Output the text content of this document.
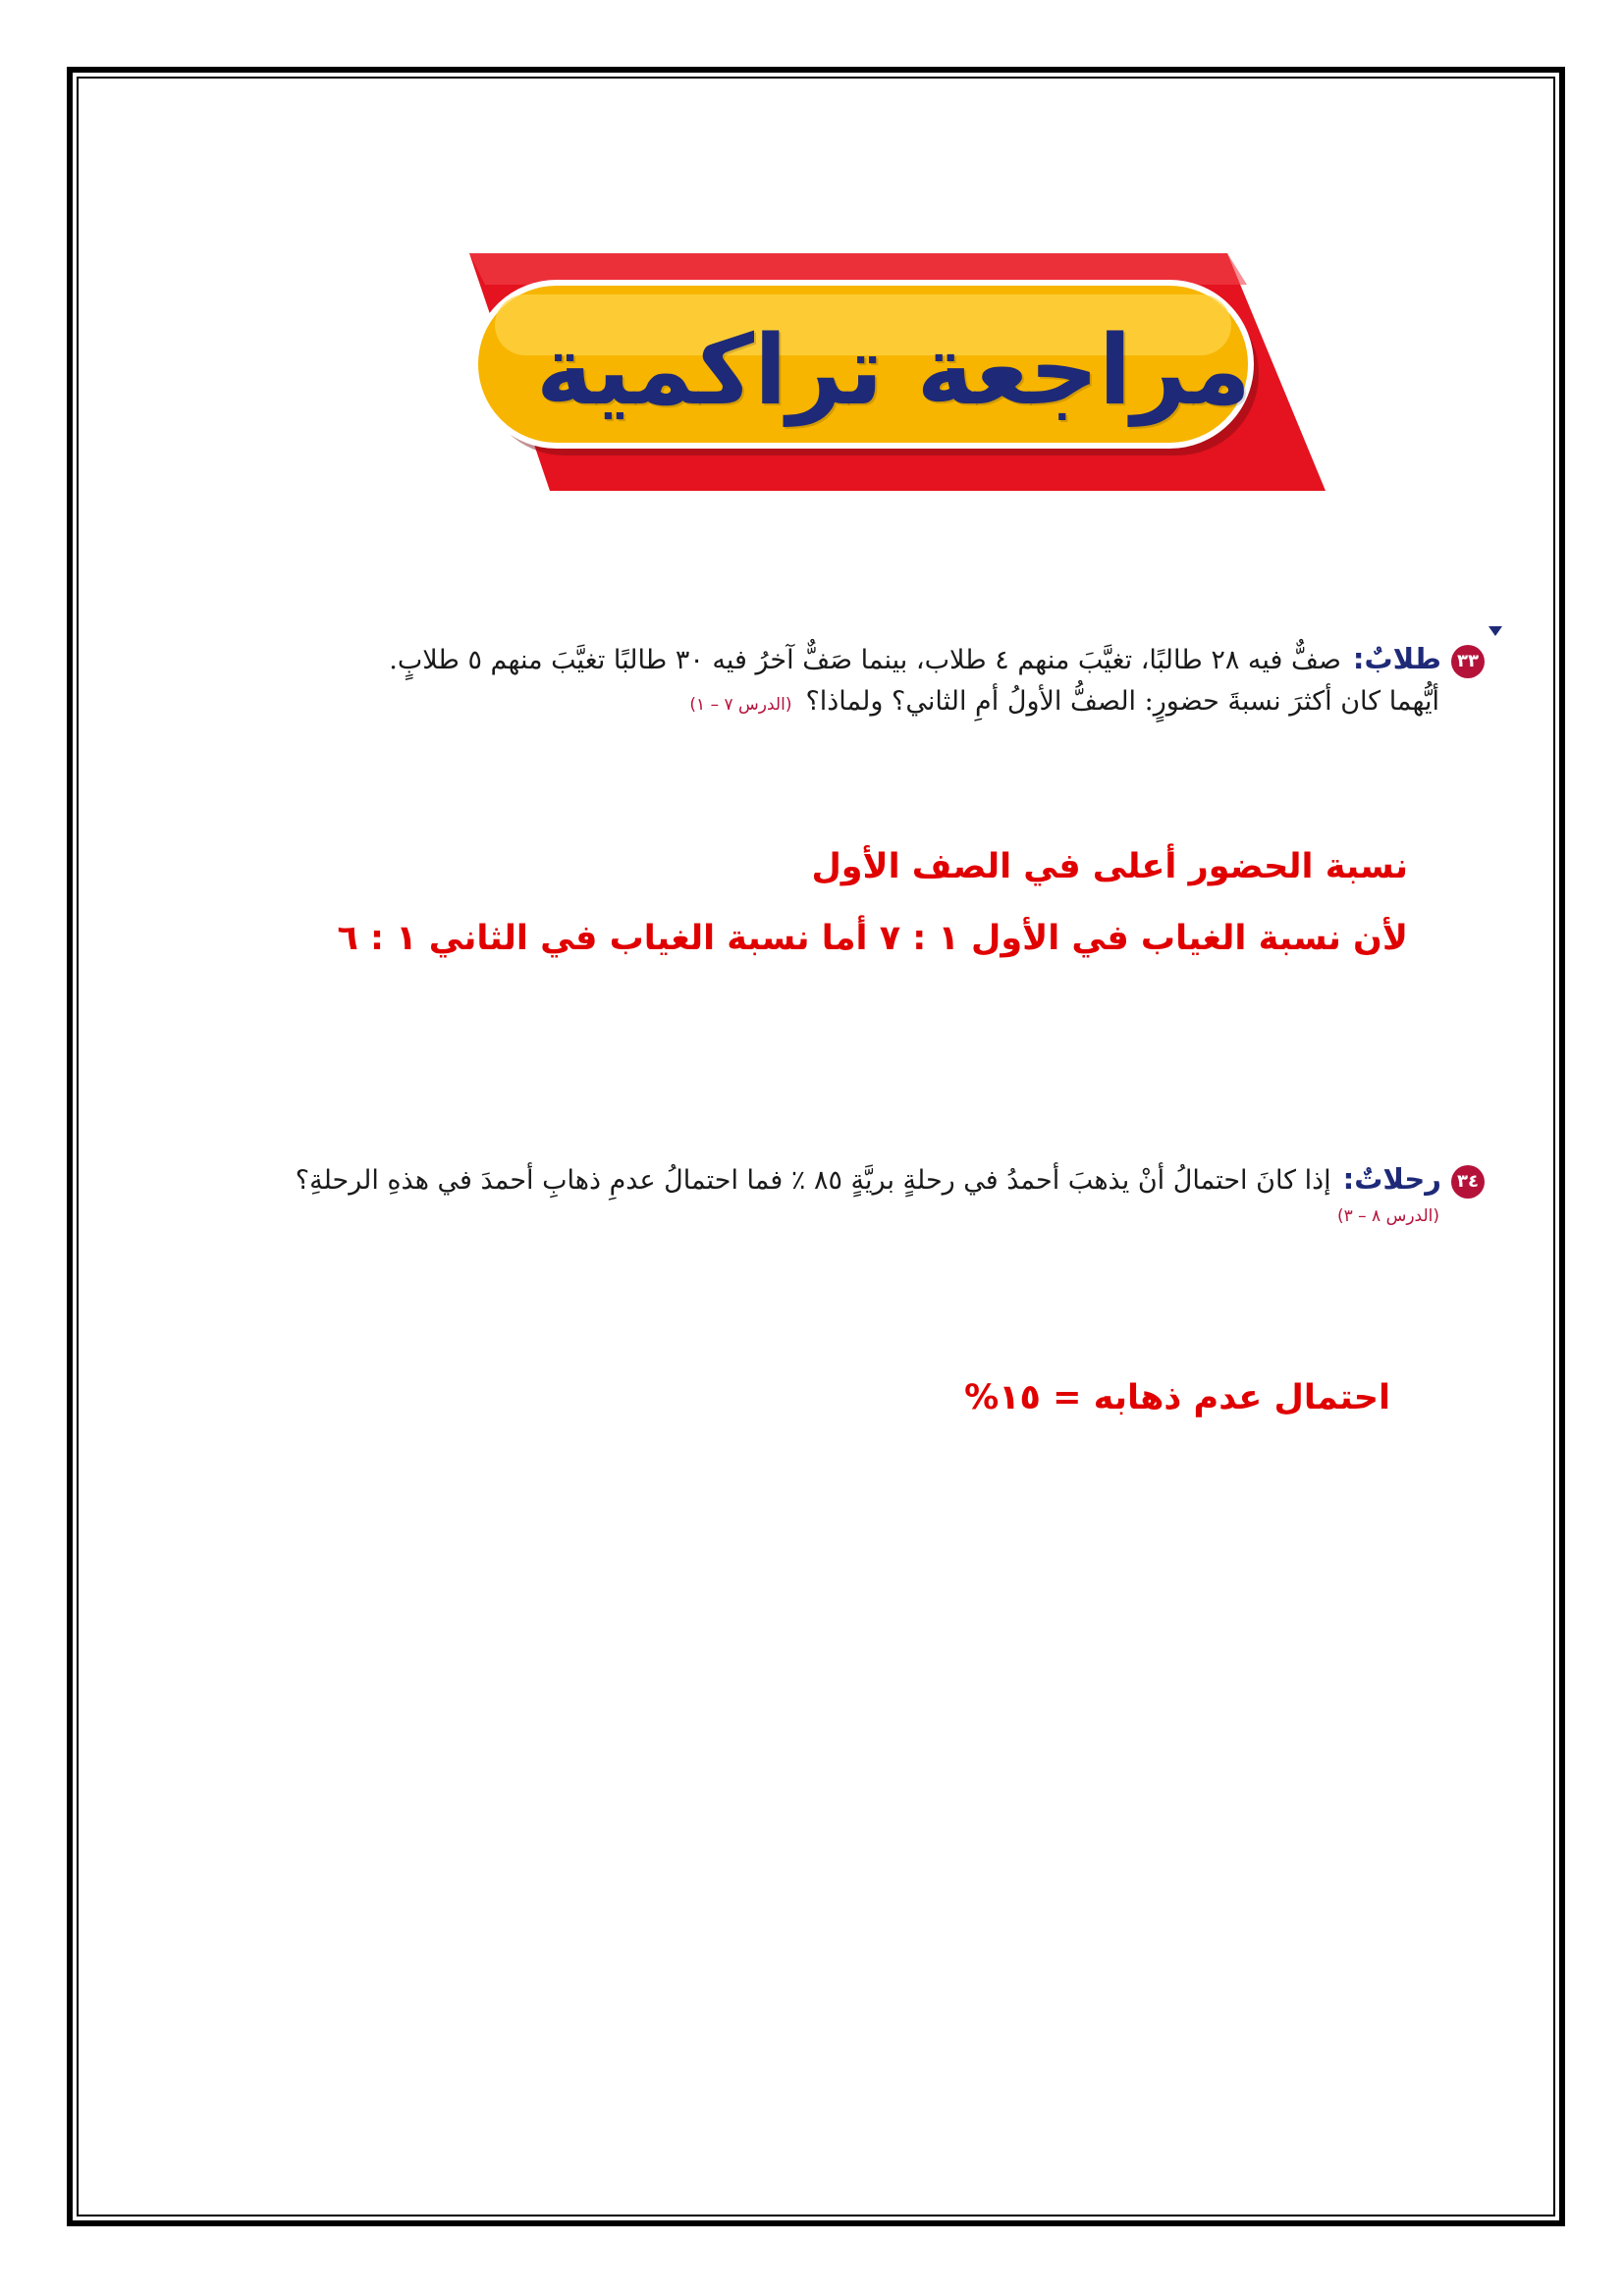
مراجعة تراكمية
٣٣طلابٌ:صفٌّ فيه ٢٨ طالبًا، تغيَّبَ منهم ٤ طلاب، بينما صَفٌّ آخرُ فيه ٣٠ طالبًا تغيَّبَ منهم ٥ طلابٍ.
أيُّهما كان أكثرَ نسبةَ حضورٍ: الصفُّ الأولُ أمِ الثاني؟ ولماذا؟(الدرس ٧ – ١)
نسبة الحضور أعلى في الصف الأول
لأن نسبة الغياب في الأول ١ : ٧ أما نسبة الغياب في الثاني ١ : ٦
٣٤رحلاتٌ:إذا كانَ احتمالُ أنْ يذهبَ أحمدُ في رحلةٍ بريَّةٍ ٨٥ ٪ فما احتمالُ عدمِ ذهابِ أحمدَ في هذهِ الرحلةِ؟
(الدرس ٨ – ٣)
احتمال عدم ذهابه = ١٥%
